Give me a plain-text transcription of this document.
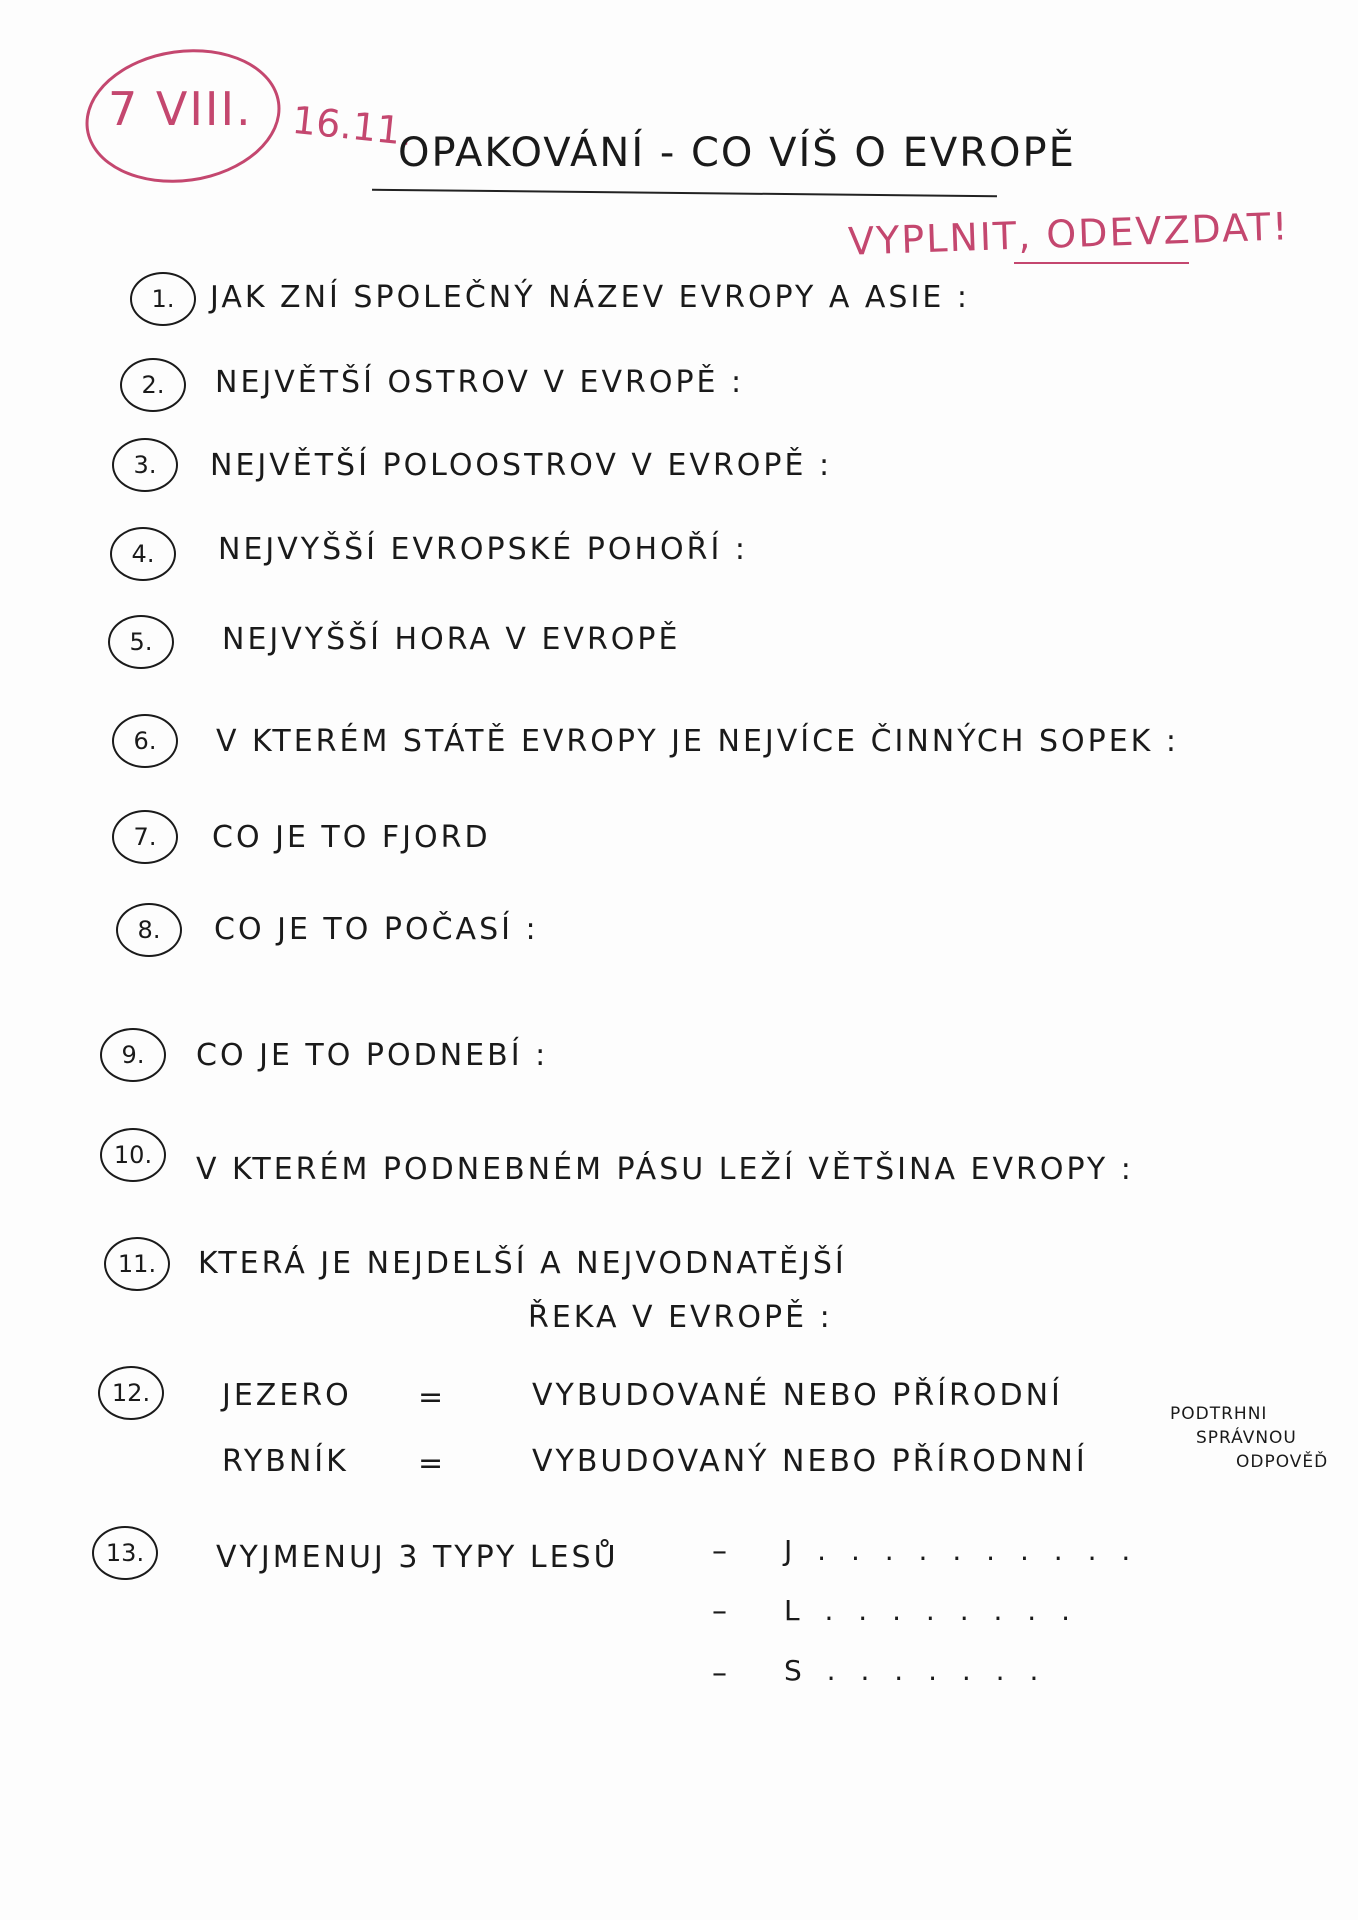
7 VIII. 16.11.
OPAKOVÁNÍ - CO VÍŠ O EVROPĚ
VYPLNIT, ODEVZDAT!
1.	JAK ZNÍ SPOLEČNÝ NÁZEV EVROPY A ASIE :
2.	NEJVĚTŠÍ OSTROV V EVROPĚ :
3.	NEJVĚTŠÍ POLOOSTROV V EVROPĚ :
4.	NEJVYŠŠÍ EVROPSKÉ POHOŘÍ :
5.	NEJVYŠŠÍ HORA V EVROPĚ
6.	V KTERÉM STÁTĚ EVROPY JE NEJVÍCE ČINNÝCH SOPEK :
7.	CO JE TO FJORD
8.	CO JE TO POČASÍ :
9.	CO JE TO PODNEBÍ :
10.	V KTERÉM PODNEBNÉM PÁSU LEŽÍ VĚTŠINA EVROPY :
11.	KTERÁ JE NEJDELŠÍ A NEJVODNATĚJŠÍ
ŘEKA V EVROPĚ :
12.	JEZERO =	VYBUDOVANÉ NEBO PŘÍRODNÍ
RYBNÍK =	VYBUDOVANÝ NEBO PŘÍRODNNÍ
PODTRHNI
SPRÁVNOU
ODPOVĚĎ
13.	VYJMENUJ 3 TYPY LESŮ	– J . . . . . . . . . .
– L . . . . . . . .
– S . . . . . . .
